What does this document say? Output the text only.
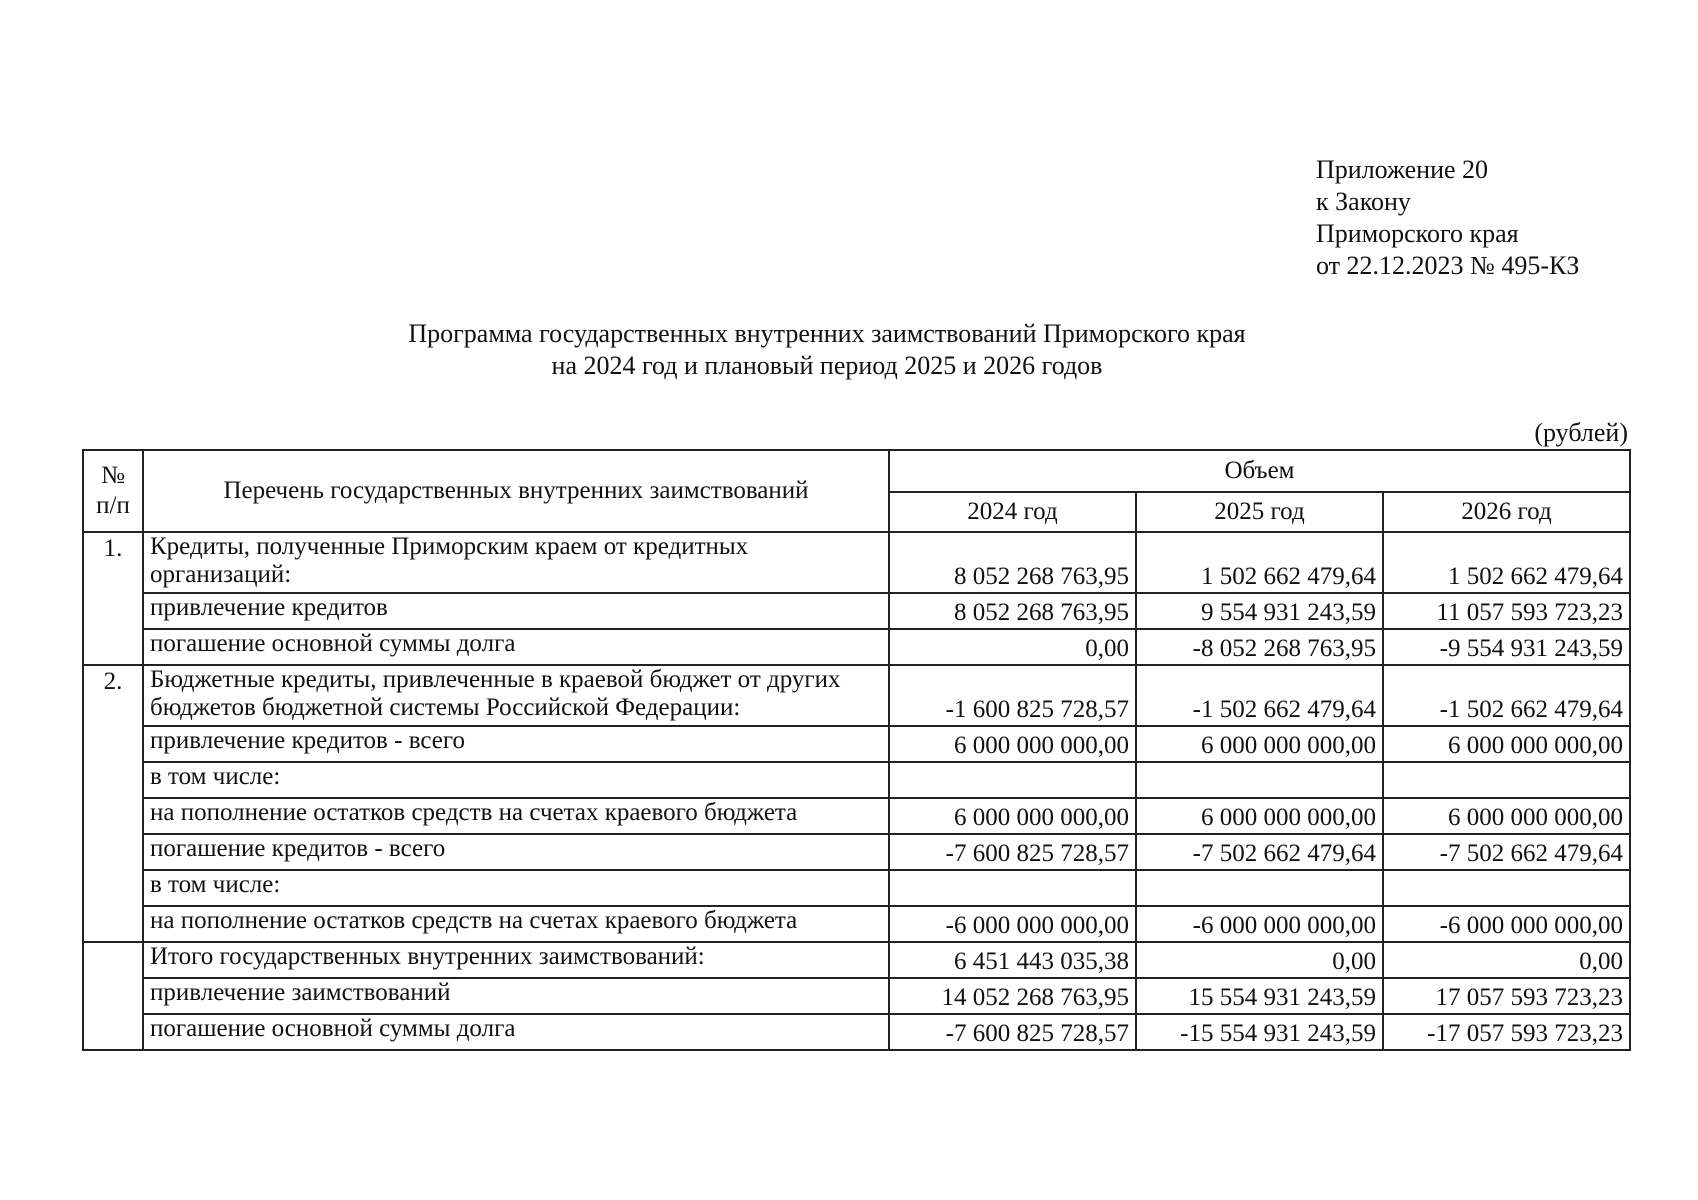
Приложение 20
к Закону
Приморского края
от 22.12.2023 № 495-КЗ
Программа государственных внутренних заимствований Приморского края
на 2024 год и плановый период 2025 и 2026 годов
(рублей)
№ п/п	Перечень государственных внутренних заимствований	Объем		
		2024 год	2025 год	2026 год
1.	Кредиты, полученные Приморским краем от кредитных организаций:	8 052 268 763,95	1 502 662 479,64	1 502 662 479,64
	привлечение кредитов	8 052 268 763,95	9 554 931 243,59	11 057 593 723,23
	погашение основной суммы долга	0,00	-8 052 268 763,95	-9 554 931 243,59
2.	Бюджетные кредиты, привлеченные в краевой бюджет от других бюджетов бюджетной системы Российской Федерации:	-1 600 825 728,57	-1 502 662 479,64	-1 502 662 479,64
	привлечение кредитов - всего	6 000 000 000,00	6 000 000 000,00	6 000 000 000,00
	в том числе:			
	на пополнение остатков средств на счетах краевого бюджета	6 000 000 000,00	6 000 000 000,00	6 000 000 000,00
	погашение кредитов - всего	-7 600 825 728,57	-7 502 662 479,64	-7 502 662 479,64
	в том числе:			
	на пополнение остатков средств на счетах краевого бюджета	-6 000 000 000,00	-6 000 000 000,00	-6 000 000 000,00
	Итого государственных внутренних заимствований:	6 451 443 035,38	0,00	0,00
	привлечение заимствований	14 052 268 763,95	15 554 931 243,59	17 057 593 723,23
	погашение основной суммы долга	-7 600 825 728,57	-15 554 931 243,59	-17 057 593 723,23
